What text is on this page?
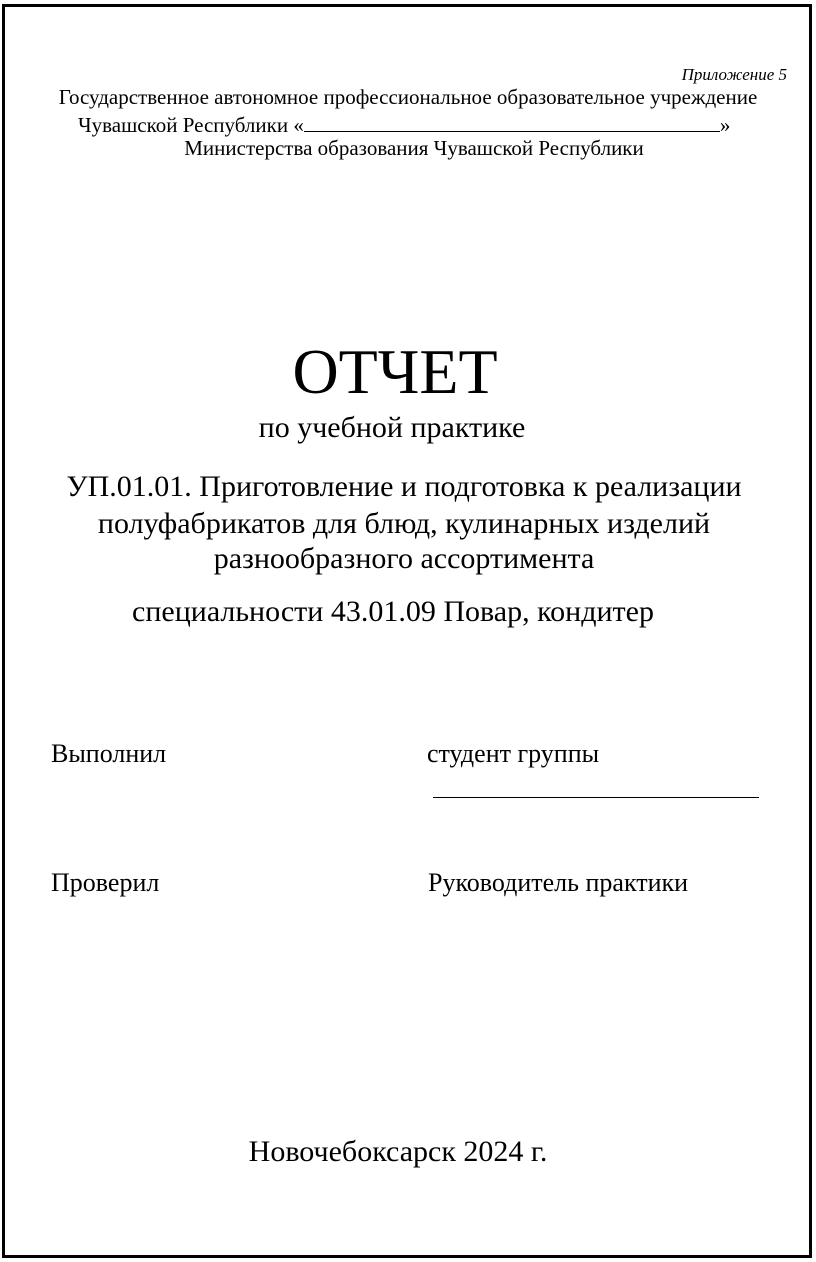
Приложение 5
Государственное автономное профессиональное образовательное учреждение
Чувашской Республики «	»
Министерства образования Чувашской Республики
ОТЧЕТ
по учебной практике
УП.01.01. Приготовление и подготовка к реализации
полуфабрикатов для блюд, кулинарных изделий
разнообразного ассортимента
специальности 43.01.09 Повар, кондитер
Выполнил	студент группы
Проверил	Руководитель практики
Новочебоксарск 2024 г.
